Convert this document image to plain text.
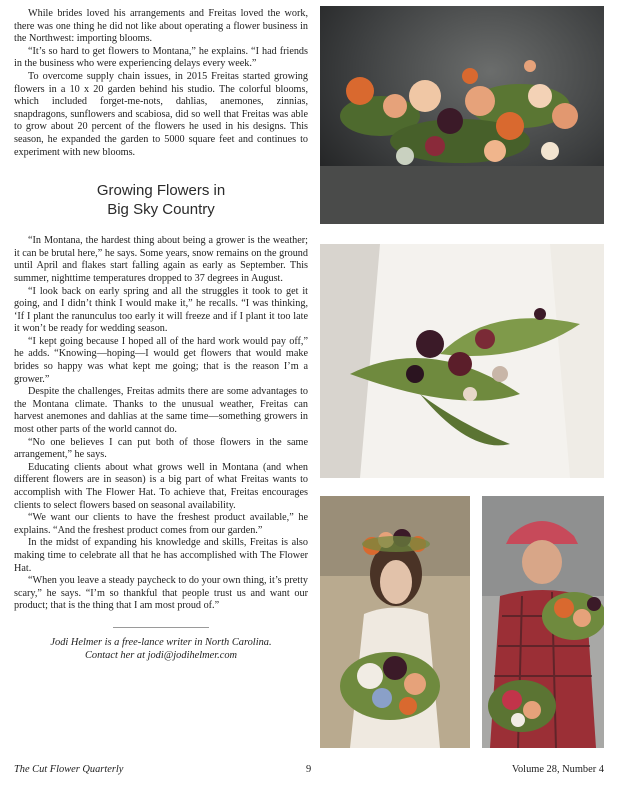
While brides loved his arrangements and Freitas loved the work, there was one thing he did not like about operating a flower business in the Northwest: importing blooms.

“It’s so hard to get flowers to Montana,” he explains. “I had friends in the business who were experiencing delays every week.”

To overcome supply chain issues, in 2015 Freitas started growing flowers in a 10 x 20 garden behind his studio. The colorful blooms, which included forget-me-nots, dahlias, anemones, zinnias, snapdragons, sunflowers and scabiosa, did so well that Freitas was able to grow about 20 percent of the flowers he used in his designs. This season, he expanded the garden to 5000 square feet and continues to experiment with new blooms.

Growing Flowers in
Big Sky Country

“In Montana, the hardest thing about being a grower is the weather; it can be brutal here,” he says. Some years, snow remains on the ground until April and flakes start falling again as early as September. This summer, nighttime temperatures dropped to 37 degrees in August.

“I look back on early spring and all the struggles it took to get it going, and I didn’t think I would make it,” he recalls. “I was thinking, ‘If I plant the ranunculus too early it will freeze and if I plant it too late it won’t be ready for wedding season.

“I kept going because I hoped all of the hard work would pay off,” he adds. “Knowing—hoping—I would get flowers that would make brides so happy was what kept me going; that is the reason I’m a grower.”

Despite the challenges, Freitas admits there are some advantages to the Montana climate. Thanks to the unusual weather, Freitas can harvest anemones and dahlias at the same time—something growers in most other parts of the world cannot do.

“No one believes I can put both of those flowers in the same arrangement,” he says.

Educating clients about what grows well in Montana (and when different flowers are in season) is a big part of what Freitas wants to accomplish with The Flower Hat. To achieve that, Freitas encourages clients to select flowers based on seasonal availability.

“We want our clients to have the freshest product available,” he explains. “And the freshest product comes from our garden.”

In the midst of expanding his knowledge and skills, Freitas is also making time to celebrate all that he has accomplished with The Flower Hat.

“When you leave a steady paycheck to do your own thing, it’s pretty scary,” he says. “I’m so thankful that people trust us and want our product; that is the thing that I am most proud of.”

Jodi Helmer is a free-lance writer in North Carolina.
Contact her at jodi@jodihelmer.com
The Cut Flower Quarterly	9	Volume 28, Number 4
